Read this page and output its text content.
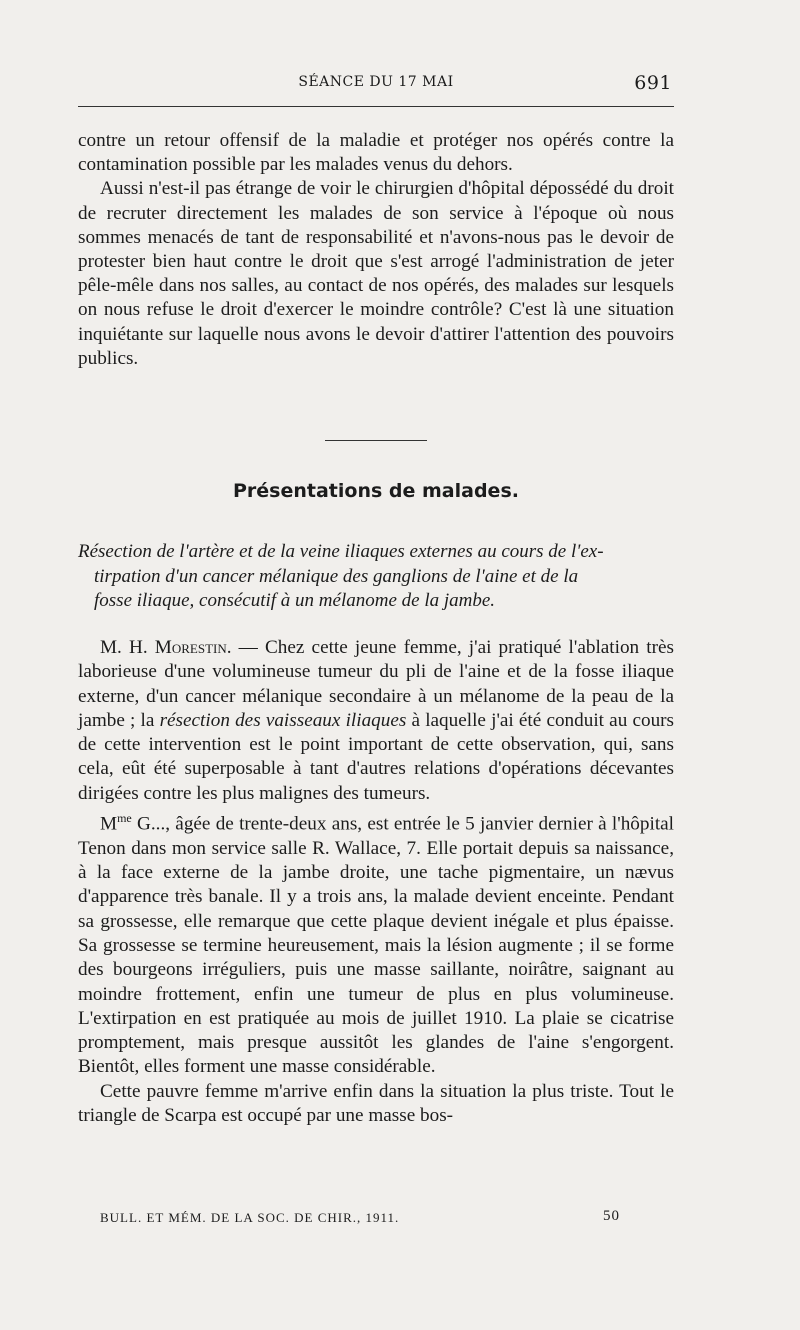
SÉANCE DU 17 MAI	691

contre un retour offensif de la maladie et protéger nos opérés contre la contamination possible par les malades venus du dehors.

Aussi n'est-il pas étrange de voir le chirurgien d'hôpital dépossédé du droit de recruter directement les malades de son service à l'époque où nous sommes menacés de tant de responsabilité et n'avons-nous pas le devoir de protester bien haut contre le droit que s'est arrogé l'administration de jeter pêle-mêle dans nos salles, au contact de nos opérés, des malades sur lesquels on nous refuse le droit d'exercer le moindre contrôle? C'est là une situation inquiétante sur laquelle nous avons le devoir d'attirer l'attention des pouvoirs publics.

Présentations de malades.
Résection de l'artère et de la veine iliaques externes au cours de l'ex-
tirpation d'un cancer mélanique des ganglions de l'aine et de la
fosse iliaque, consécutif à un mélanome de la jambe.

M. H. Morestin. — Chez cette jeune femme, j'ai pratiqué l'ablation très laborieuse d'une volumineuse tumeur du pli de l'aine et de la fosse iliaque externe, d'un cancer mélanique secondaire à un mélanome de la peau de la jambe ; la résection des vaisseaux iliaques à laquelle j'ai été conduit au cours de cette intervention est le point important de cette observation, qui, sans cela, eût été superposable à tant d'autres relations d'opérations décevantes dirigées contre les plus malignes des tumeurs.

$M^{me}$ G..., âgée de trente-deux ans, est entrée le 5 janvier dernier à l'hôpital Tenon dans mon service salle R. Wallace, 7. Elle portait depuis sa naissance, à la face externe de la jambe droite, une tache pigmentaire, un nævus d'apparence très banale. Il y a trois ans, la malade devient enceinte. Pendant sa grossesse, elle remarque que cette plaque devient inégale et plus épaisse. Sa grossesse se termine heureusement, mais la lésion augmente ; il se forme des bourgeons irréguliers, puis une masse saillante, noirâtre, saignant au moindre frottement, enfin une tumeur de plus en plus volumineuse. L'extirpation en est pratiquée au mois de juillet 1910. La plaie se cicatrise promptement, mais presque aussitôt les glandes de l'aine s'engorgent. Bientôt, elles forment une masse considérable.

Cette pauvre femme m'arrive enfin dans la situation la plus triste. Tout le triangle de Scarpa est occupé par une masse bos-

BULL. ET MÉM. DE LA SOC. DE CHIR., 1911.	50
